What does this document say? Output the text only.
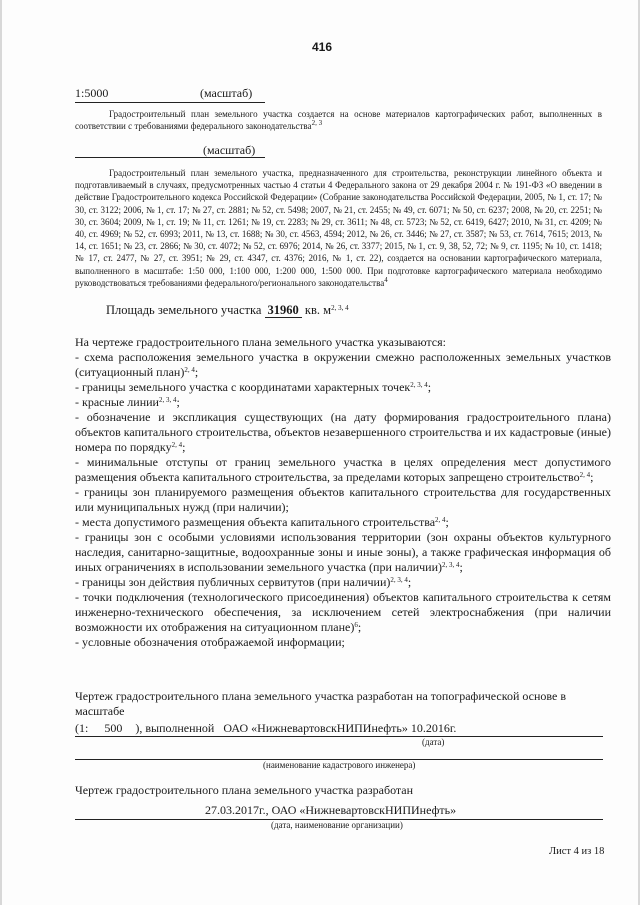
416
1:5000	(масштаб)
Градостроительный план земельного участка создается на основе материалов картографических работ, выполненных в соответствии с требованиями федерального законодательства$^{2, 3}$
(масштаб)
Градостроительный план земельного участка, предназначенного для строительства, реконструкции линейного объекта и подготавливаемый в случаях, предусмотренных частью 4 статьи 4 Федерального закона от 29 декабря 2004 г. № 191-ФЗ «О введении в действие Градостроительного кодекса Российской Федерации» (Собрание законодательства Российской Федерации, 2005, № 1, ст. 17; № 30, ст. 3122; 2006, № 1, ст. 17; № 27, ст. 2881; № 52, ст. 5498; 2007, № 21, ст. 2455; № 49, ст. 6071; № 50, ст. 6237; 2008, № 20, ст. 2251; № 30, ст. 3604; 2009, № 1, ст. 19; № 11, ст. 1261; № 19, ст. 2283; № 29, ст. 3611; № 48, ст. 5723; № 52, ст. 6419, 6427; 2010, № 31, ст. 4209; № 40, ст. 4969; № 52, ст. 6993; 2011, № 13, ст. 1688; № 30, ст. 4563, 4594; 2012, № 26, ст. 3446; № 27, ст. 3587; № 53, ст. 7614, 7615; 2013, № 14, ст. 1651; № 23, ст. 2866; № 30, ст. 4072; № 52, ст. 6976; 2014, № 26, ст. 3377; 2015, № 1, ст. 9, 38, 52, 72; № 9, ст. 1195; № 10, ст. 1418; № 17, ст. 2477, № 27, ст. 3951; № 29, ст. 4347, ст. 4376; 2016, № 1, ст. 22), создается на основании картографического материала, выполненного в масштабе: 1:50 000, 1:100 000, 1:200 000, 1:500 000. При подготовке картографического материала необходимо руководствоваться требованиями федерального/регионального законодательства$^4$
Площадь земельного участка 31960 кв. $м^{2, 3, 4}$
На чертеже градостроительного плана земельного участка указываются:
- схема расположения земельного участка в окружении смежно расположенных земельных участков (ситуационный план)$^{2, 4}$;
- границы земельного участка с координатами характерных точек$^{2, 3, 4}$;
- красные линии$^{2, 3, 4}$;
- обозначение и экспликация существующих (на дату формирования градостроительного плана) объектов капитального строительства, объектов незавершенного строительства и их кадастровые (иные) номера по порядку$^{2, 4}$;
- минимальные отступы от границ земельного участка в целях определения мест допустимого размещения объекта капитального строительства, за пределами которых запрещено строительство$^{2, 4}$;
- границы зон планируемого размещения объектов капитального строительства для государственных или муниципальных нужд (при наличии);
- места допустимого размещения объекта капитального строительства$^{2, 4}$;
- границы зон с особыми условиями использования территории (зон охраны объектов культурного наследия, санитарно-защитные, водоохранные зоны и иные зоны), а также графическая информация об иных ограничениях в использовании земельного участка (при наличии)$^{2, 3, 4}$;
- границы зон действия публичных сервитутов (при наличии)$^{2, 3, 4}$;
- точки подключения (технологического присоединения) объектов капитального строительства к сетям инженерно-технического обеспечения, за исключением сетей электроснабжения (при наличии возможности их отображения на ситуационном плане)$^6$;
- условные обозначения отображаемой информации;
Чертеж градостроительного плана земельного участка разработан на топографической основе в масштабе
(1: 500 ), выполненной ОАО «НижневартовскНИПИнефть» 10.2016г.
(дата)
(наименование кадастрового инженера)
Чертеж градостроительного плана земельного участка разработан
27.03.2017г., ОАО «НижневартовскНИПИнефть»
(дата, наименование организации)
Лист 4 из 18
